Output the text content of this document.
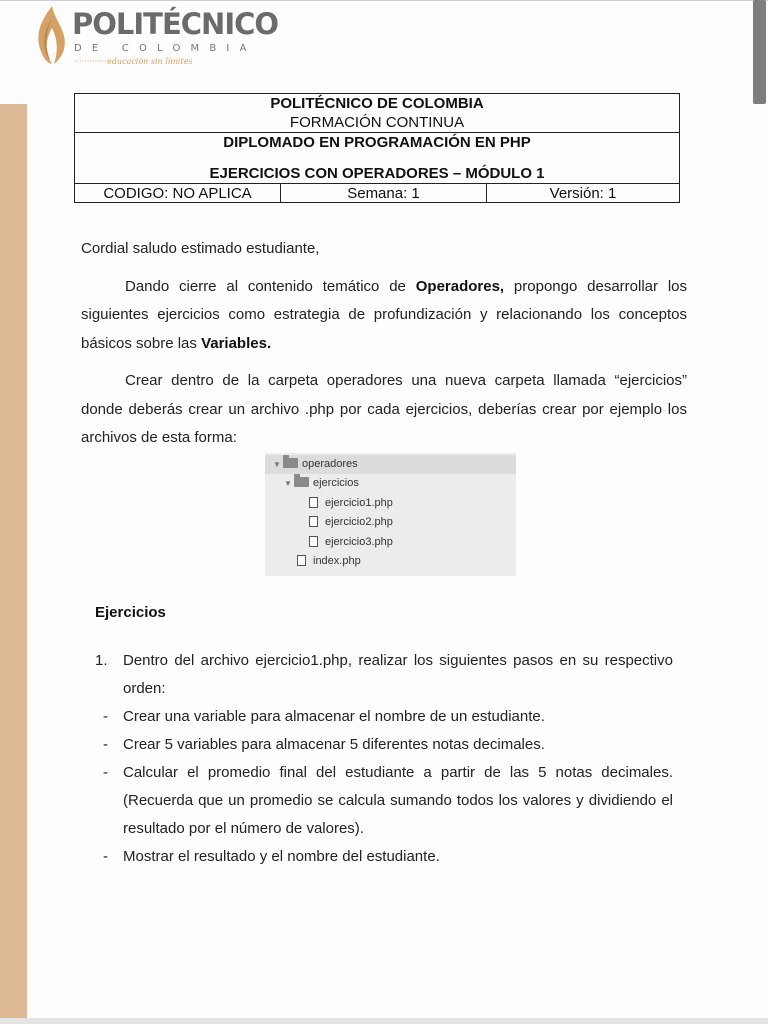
POLITÉCNICO
DE COLOMBIA
·············educación sin límites
POLITÉCNICO DE COLOMBIA
FORMACIÓN CONTINUA

DIPLOMADO EN PROGRAMACIÓN EN PHP
EJERCICIOS CON OPERADORES – MÓDULO 1

CODIGO: NO APLICA	Semana: 1	Versión: 1

Cordial saludo estimado estudiante,

Dando cierre al contenido temático de Operadores, propongo desarrollar los siguientes ejercicios como estrategia de profundización y relacionando los conceptos básicos sobre las Variables.

Crear dentro de la carpeta operadores una nueva carpeta llamada “ejercicios” donde deberás crear un archivo .php por cada ejercicios, deberías crear por ejemplo los archivos de esta forma:

▼ operadores
▼ ejercicios
ejercicio1.php
ejercicio2.php
ejercicio3.php
index.php
Ejercicios
1. Dentro del archivo ejercicio1.php, realizar los siguientes pasos en su respectivo orden:
- Crear una variable para almacenar el nombre de un estudiante.
- Crear 5 variables para almacenar 5 diferentes notas decimales.
- Calcular el promedio final del estudiante a partir de las 5 notas decimales. (Recuerda que un promedio se calcula sumando todos los valores y dividiendo el resultado por el número de valores).
- Mostrar el resultado y el nombre del estudiante.
